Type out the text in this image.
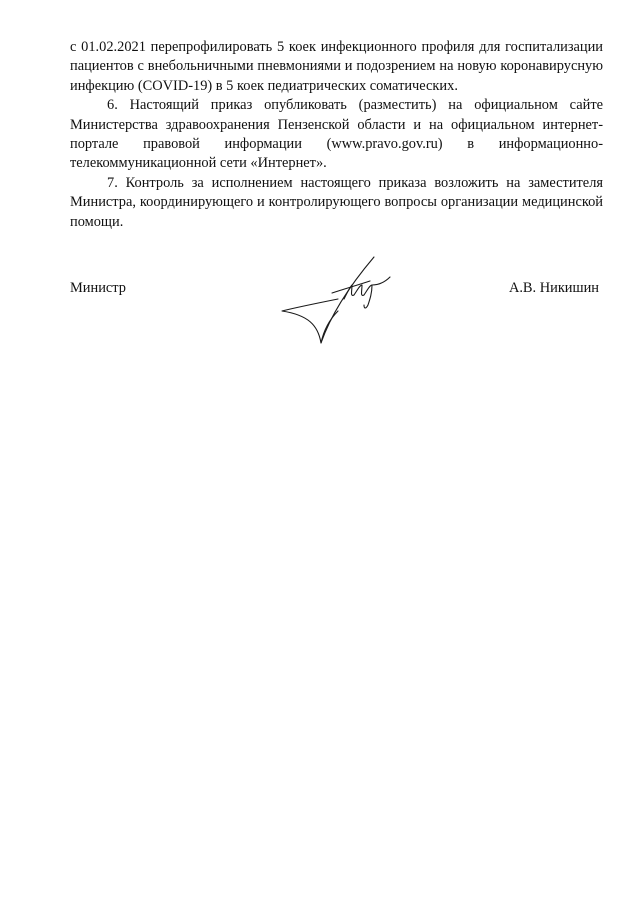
с 01.02.2021 перепрофилировать 5 коек инфекционного профиля для госпитализации пациентов с внебольничными пневмониями и подозрением на новую коронавирусную инфекцию (COVID-19) в 5 коек педиатрических соматических.

6. Настоящий приказ опубликовать (разместить) на официальном сайте Министерства здравоохранения Пензенской области и на официальном интернет-портале правовой информации (www.pravo.gov.ru) в информационно-телекоммуникационной сети «Интернет».

7. Контроль за исполнением настоящего приказа возложить на заместителя Министра, координирующего и контролирующего вопросы организации медицинской помощи.

Министр	А.В. Никишин
